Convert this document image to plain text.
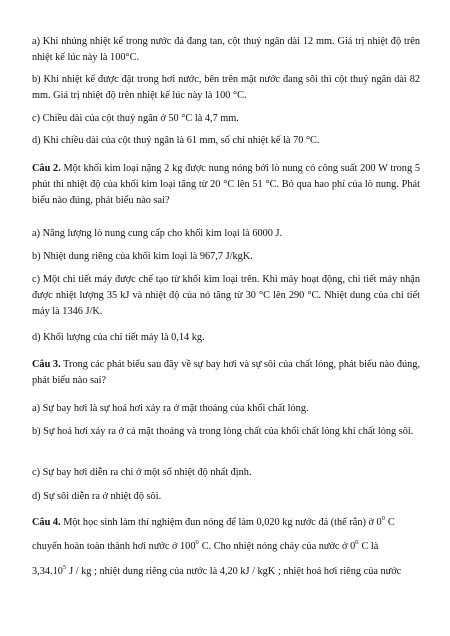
a) Khi nhúng nhiệt kế trong nước đá đang tan, cột thuỷ ngân dài 12 mm. Giá trị nhiệt độ trên nhiệt kế lúc này là 100°C.

b) Khi nhiệt kế được đặt trong hơi nước, bên trên mặt nước đang sôi thì cột thuỷ ngân dài 82 mm. Giá trị nhiệt độ trên nhiệt kế lúc này là 100 °C.

c) Chiều dài của cột thuỷ ngân ở 50 °C là 4,7 mm.

d) Khi chiều dài của cột thuỷ ngân là 61 mm, số chỉ nhiệt kế là 70 °C.

Câu 2. Một khối kim loại nặng 2 kg được nung nóng bởi lò nung có công suất 200 W trong 5 phút thì nhiệt độ của khối kim loại tăng từ 20 °C lên 51 °C. Bỏ qua hao phí của lò nung. Phát biểu nào đúng, phát biểu nào sai?

a) Năng lượng lò nung cung cấp cho khối kim loại là 6000 J.

b) Nhiệt dung riêng của khối kim loại là 967,7 J/kgK.

c) Một chi tiết máy được chế tạo từ khối kim loại trên. Khi máy hoạt động, chi tiết máy nhận được nhiệt lượng 35 kJ và nhiệt độ của nó tăng từ 30 °C lên 290 °C. Nhiệt dung của chi tiết máy là 1346 J/K.

d) Khối lượng của chi tiết máy là 0,14 kg.

Câu 3. Trong các phát biểu sau đây về sự bay hơi và sự sôi của chất lỏng, phát biểu nào đúng, phát biểu nào sai?

a) Sự bay hơi là sự hoá hơi xảy ra ở mặt thoáng của khối chất lỏng.

b) Sự hoá hơi xảy ra ở cả mặt thoáng và trong lòng chất của khối chất lỏng khi chất lỏng sôi.

c) Sự bay hơi diễn ra chỉ ở một số nhiệt độ nhất định.

d) Sự sôi diễn ra ở nhiệt độ sôi.

Câu 4. Một học sinh làm thí nghiệm đun nóng để làm 0,020 kg nước đá (thể rắn) ở $0^0$ C

chuyển hoàn toàn thành hơi nước ở $100^0$ C. Cho nhiệt nóng chảy của nước ở $0^0$ C là

3,34.10$^5$ J / kg ; nhiệt dung riêng của nước là 4,20 kJ / kgK ; nhiệt hoá hơi riêng của nước
